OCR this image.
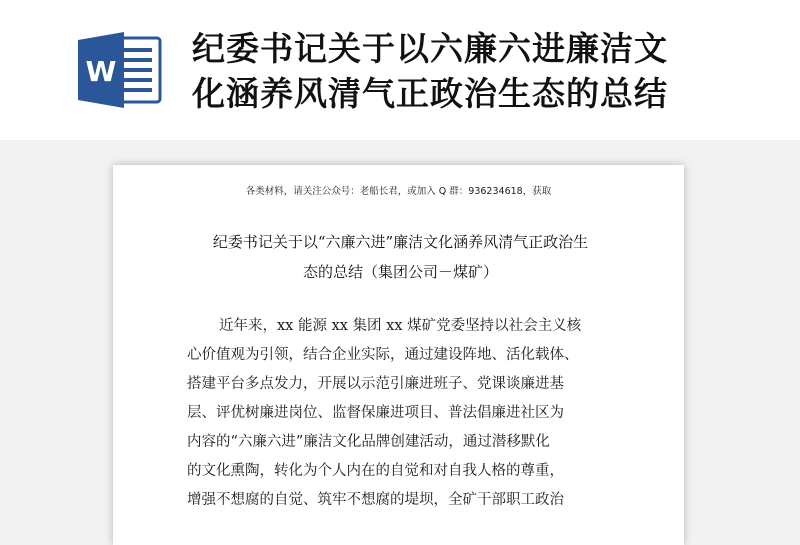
W
纪委书记关于以六廉六进廉洁文
化涵养风清气正政治生态的总结
各类材料，请关注公众号：老船长君，或加入 Q 群：936234618，获取
纪委书记关于以“六廉六进”廉洁文化涵养风清气正政治生
态的总结（集团公司－煤矿）
近年来，xx 能源 xx 集团 xx 煤矿党委坚持以社会主义核
心价值观为引领，结合企业实际，通过建设阵地、活化载体、
搭建平台多点发力，开展以示范引廉进班子、党课谈廉进基
层、评优树廉进岗位、监督保廉进项目、普法倡廉进社区为
内容的“六廉六进”廉洁文化品牌创建活动，通过潜移默化
的文化熏陶，转化为个人内在的自觉和对自我人格的尊重，
增强不想腐的自觉、筑牢不想腐的堤坝，全矿干部职工政治
